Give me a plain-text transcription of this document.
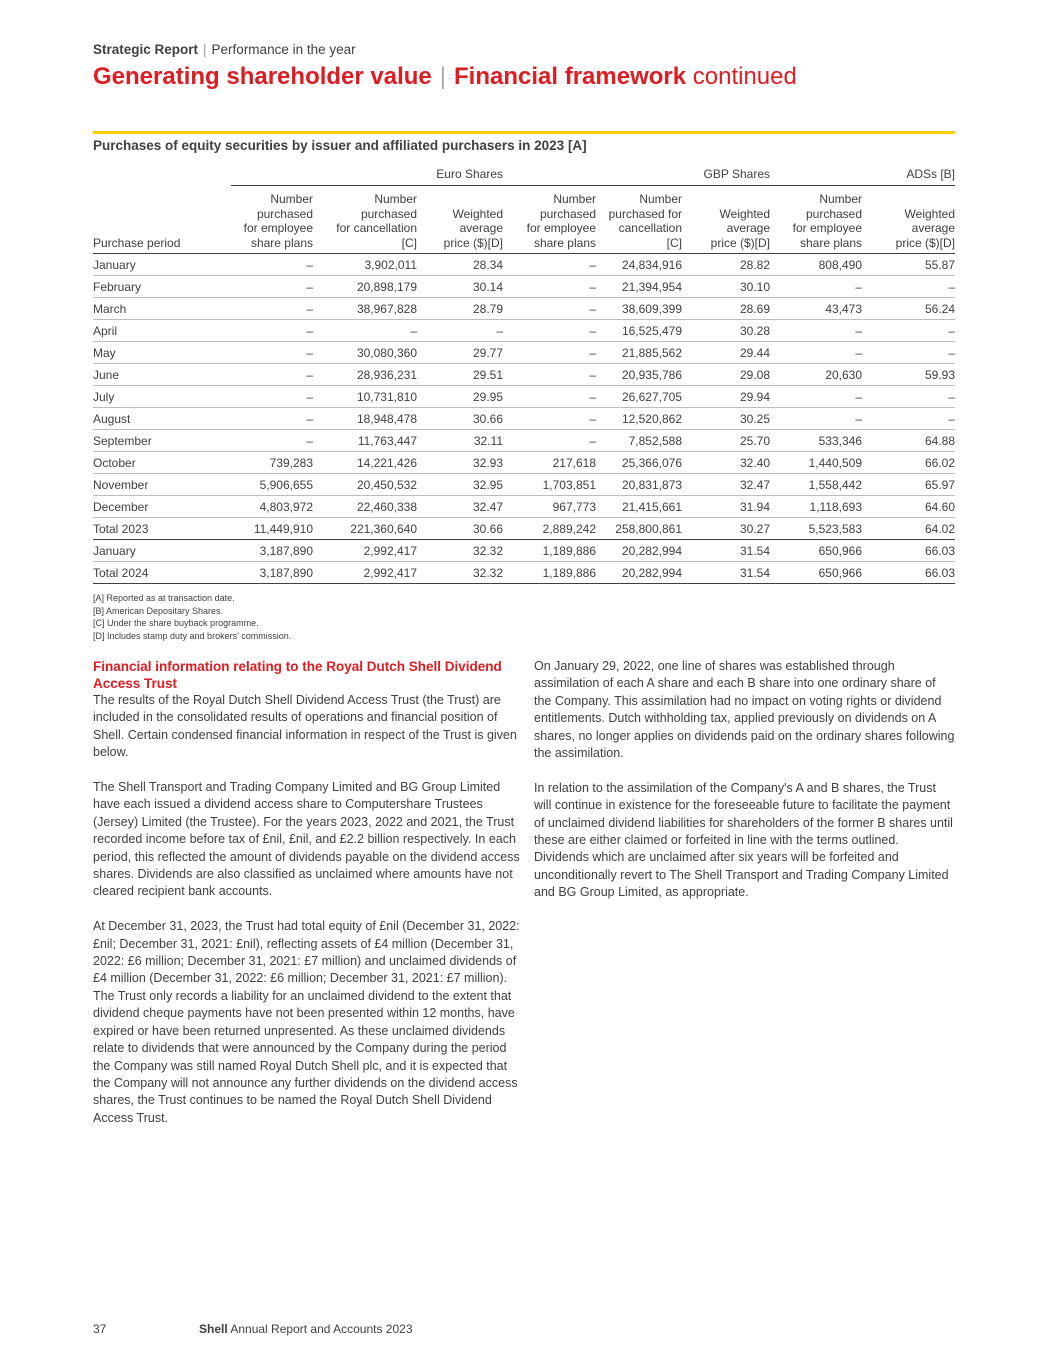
Strategic Report | Performance in the year
Generating shareholder value | Financial framework continued
Purchases of equity securities by issuer and affiliated purchasers in 2023 [A]
	Euro Shares			GBP Shares			ADSs [B]	
Purchase period	Number
purchased
for employee
share plans	Number
purchased
for cancellation
[C]	Weighted
average
price ($)[D]	Number
purchased
for employee
share plans	Number
purchased for
cancellation
[C]	Weighted
average
price ($)[D]	Number
purchased
for employee
share plans	Weighted
average
price ($)[D]
January	–	3,902,011	28.34	–	24,834,916	28.82	808,490	55.87
February	–	20,898,179	30.14	–	21,394,954	30.10	–	–
March	–	38,967,828	28.79	–	38,609,399	28.69	43,473	56.24
April	–	–	–	–	16,525,479	30.28	–	–
May	–	30,080,360	29.77	–	21,885,562	29.44	–	–
June	–	28,936,231	29.51	–	20,935,786	29.08	20,630	59.93
July	–	10,731,810	29.95	–	26,627,705	29.94	–	–
August	–	18,948,478	30.66	–	12,520,862	30.25	–	–
September	–	11,763,447	32.11	–	7,852,588	25.70	533,346	64.88
October	739,283	14,221,426	32.93	217,618	25,366,076	32.40	1,440,509	66.02
November	5,906,655	20,450,532	32.95	1,703,851	20,831,873	32.47	1,558,442	65.97
December	4,803,972	22,460,338	32.47	967,773	21,415,661	31.94	1,118,693	64.60
Total 2023	11,449,910	221,360,640	30.66	2,889,242	258,800,861	30.27	5,523,583	64.02
January	3,187,890	2,992,417	32.32	1,189,886	20,282,994	31.54	650,966	66.03
Total 2024	3,187,890	2,992,417	32.32	1,189,886	20,282,994	31.54	650,966	66.03
[A] Reported as at transaction date.
[B] American Depositary Shares.
[C] Under the share buyback programme.
[D] Includes stamp duty and brokers' commission.
Financial information relating to the Royal Dutch Shell Dividend Access Trust

The results of the Royal Dutch Shell Dividend Access Trust (the Trust) are included in the consolidated results of operations and financial position of Shell. Certain condensed financial information in respect of the Trust is given below.

The Shell Transport and Trading Company Limited and BG Group Limited have each issued a dividend access share to Computershare Trustees (Jersey) Limited (the Trustee). For the years 2023, 2022 and 2021, the Trust recorded income before tax of £nil, £nil, and £2.2 billion respectively. In each period, this reflected the amount of dividends payable on the dividend access shares. Dividends are also classified as unclaimed where amounts have not cleared recipient bank accounts.

At December 31, 2023, the Trust had total equity of £nil (December 31, 2022: £nil; December 31, 2021: £nil), reflecting assets of £4 million (December 31, 2022: £6 million; December 31, 2021: £7 million) and unclaimed dividends of £4 million (December 31, 2022: £6 million; December 31, 2021: £7 million). The Trust only records a liability for an unclaimed dividend to the extent that dividend cheque payments have not been presented within 12 months, have expired or have been returned unpresented. As these unclaimed dividends relate to dividends that were announced by the Company during the period the Company was still named Royal Dutch Shell plc, and it is expected that the Company will not announce any further dividends on the dividend access shares, the Trust continues to be named the Royal Dutch Shell Dividend Access Trust.

On January 29, 2022, one line of shares was established through assimilation of each A share and each B share into one ordinary share of the Company. This assimilation had no impact on voting rights or dividend entitlements. Dutch withholding tax, applied previously on dividends on A shares, no longer applies on dividends paid on the ordinary shares following the assimilation.

In relation to the assimilation of the Company's A and B shares, the Trust will continue in existence for the foreseeable future to facilitate the payment of unclaimed dividend liabilities for shareholders of the former B shares until these are either claimed or forfeited in line with the terms outlined. Dividends which are unclaimed after six years will be forfeited and unconditionally revert to The Shell Transport and Trading Company Limited and BG Group Limited, as appropriate.

37	Shell Annual Report and Accounts 2023
